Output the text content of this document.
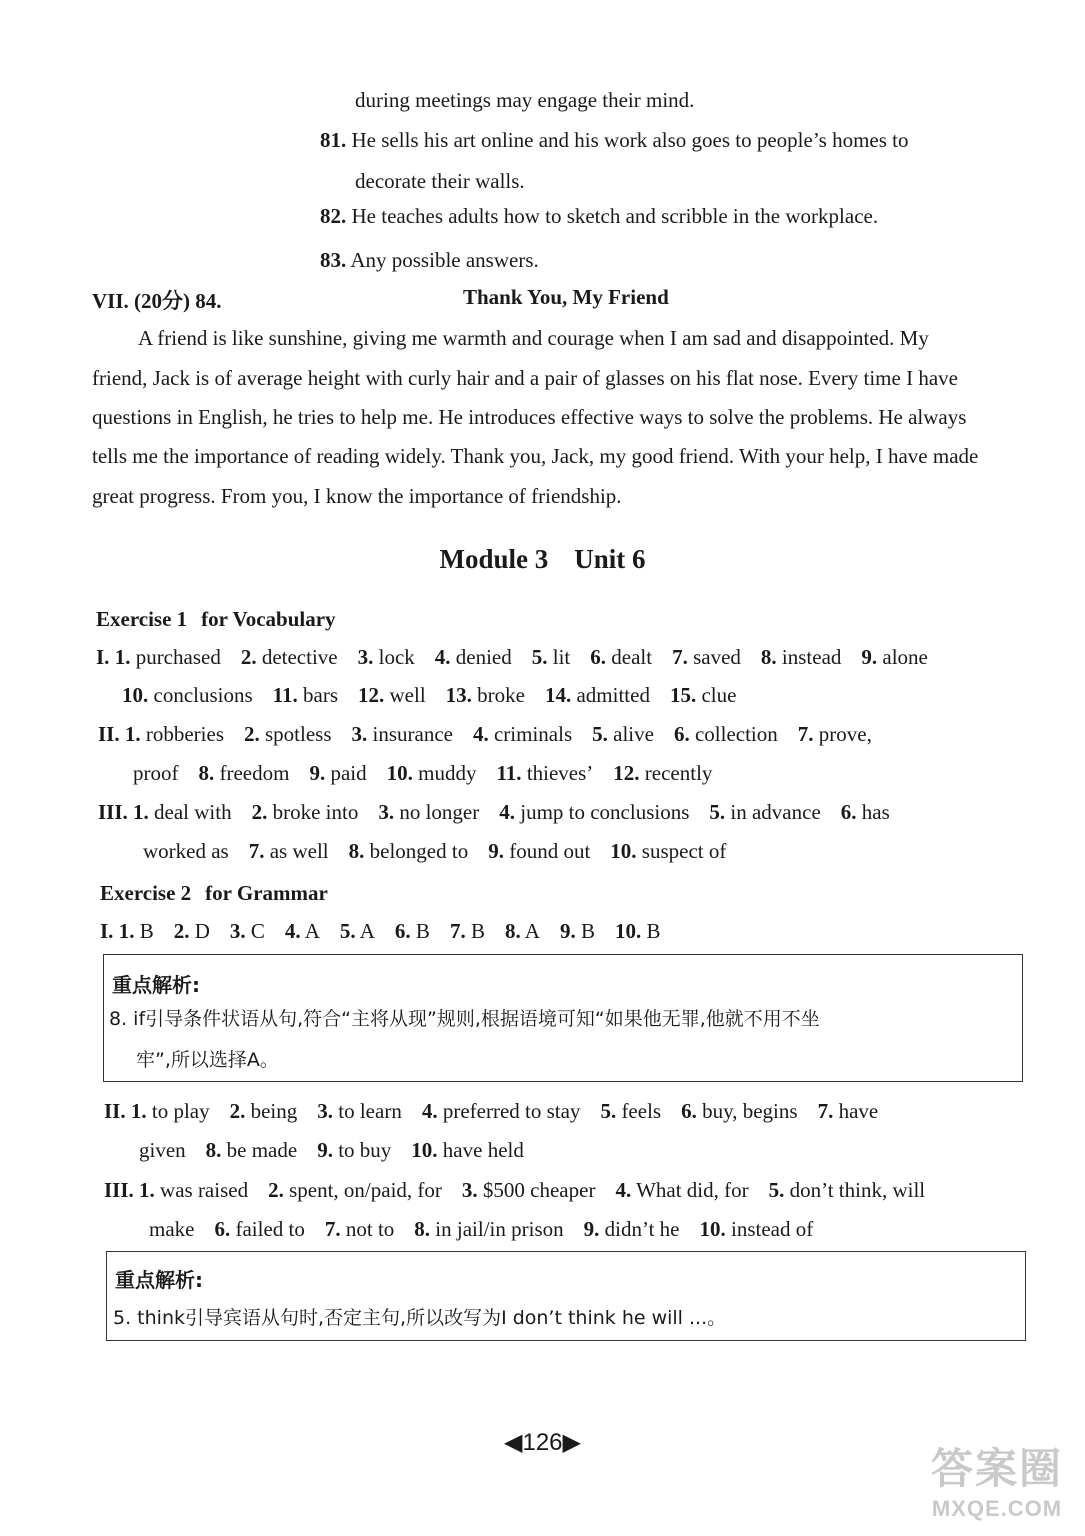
during meetings may engage their mind.
81. He sells his art online and his work also goes to people’s homes to
decorate their walls.
82. He teaches adults how to sketch and scribble in the workplace.
83. Any possible answers.
VII. (20分) 84.	Thank You, My Friend
A friend is like sunshine, giving me warmth and courage when I am sad and disappointed. My
friend, Jack is of average height with curly hair and a pair of glasses on his flat nose. Every time I have
questions in English, he tries to help me. He introduces effective ways to solve the problems. He always
tells me the importance of reading widely. Thank you, Jack, my good friend. With your help, I have made
great progress. From you, I know the importance of friendship.
Module 3 Unit 6
Exercise 1 for Vocabulary
I. 1. purchased 2. detective 3. lock 4. denied 5. lit 6. dealt 7. saved 8. instead 9. alone
10. conclusions 11. bars 12. well 13. broke 14. admitted 15. clue
II. 1. robberies 2. spotless 3. insurance 4. criminals 5. alive 6. collection 7. prove,
proof 8. freedom 9. paid 10. muddy 11. thieves’ 12. recently
III. 1. deal with 2. broke into 3. no longer 4. jump to conclusions 5. in advance 6. has
worked as 7. as well 8. belonged to 9. found out 10. suspect of
Exercise 2 for Grammar
I. 1. B 2. D 3. C 4. A 5. A 6. B 7. B 8. A 9. B 10. B
重点解析:
8. if引导条件状语从句,符合“主将从现”规则,根据语境可知“如果他无罪,他就不用不坐
牢”,所以选择A。
II. 1. to play 2. being 3. to learn 4. preferred to stay 5. feels 6. buy, begins 7. have
given 8. be made 9. to buy 10. have held
III. 1. was raised 2. spent, on/paid, for 3. $500 cheaper 4. What did, for 5. don’t think, will
make 6. failed to 7. not to 8. in jail/in prison 9. didn’t he 10. instead of
重点解析:
5. think引导宾语从句时,否定主句,所以改写为I don’t think he will ...。
◀126▶
答案圈
MXQE.COM
